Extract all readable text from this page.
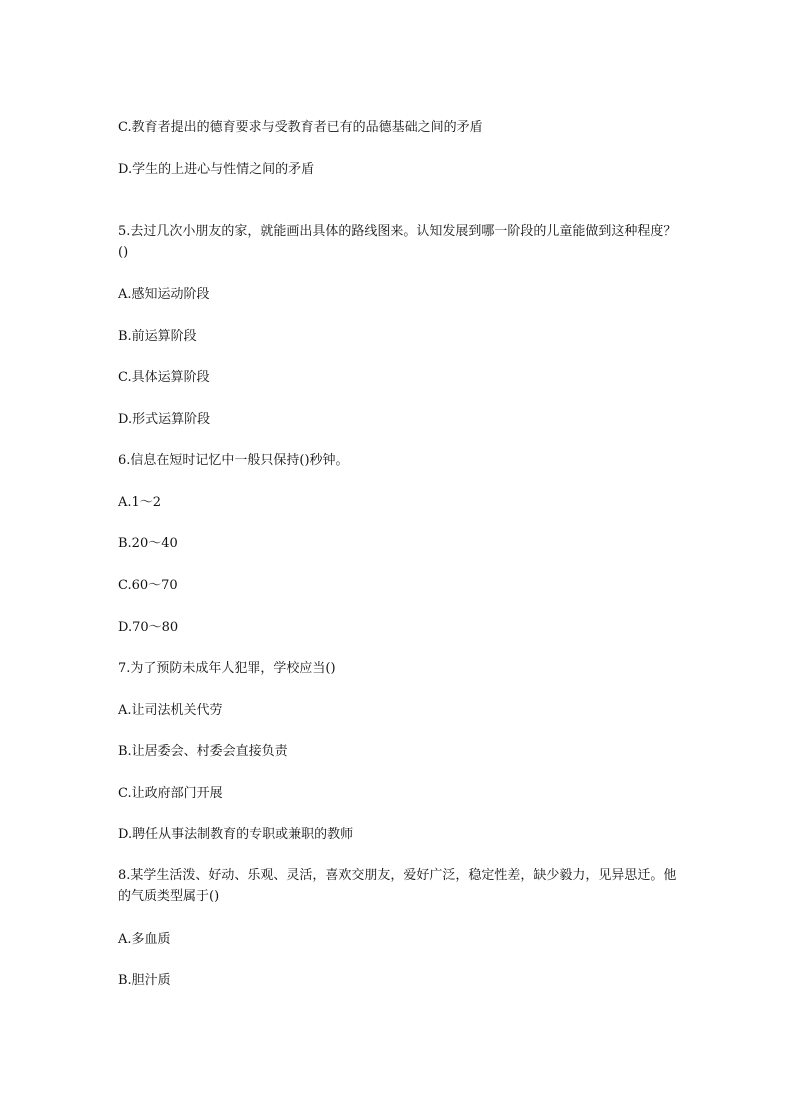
C.教育者提出的德育要求与受教育者已有的品德基础之间的矛盾
D.学生的上进心与性情之间的矛盾
5.去过几次小朋友的家，就能画出具体的路线图来。认知发展到哪一阶段的儿童能做到这种程度？()
A.感知运动阶段
B.前运算阶段
C.具体运算阶段
D.形式运算阶段
6.信息在短时记忆中一般只保持()秒钟。
A.1～2
B.20～40
C.60～70
D.70～80
7.为了预防未成年人犯罪，学校应当()
A.让司法机关代劳
B.让居委会、村委会直接负责
C.让政府部门开展
D.聘任从事法制教育的专职或兼职的教师
8.某学生活泼、好动、乐观、灵活，喜欢交朋友，爱好广泛，稳定性差，缺少毅力，见异思迁。他的气质类型属于()
A.多血质
B.胆汁质
